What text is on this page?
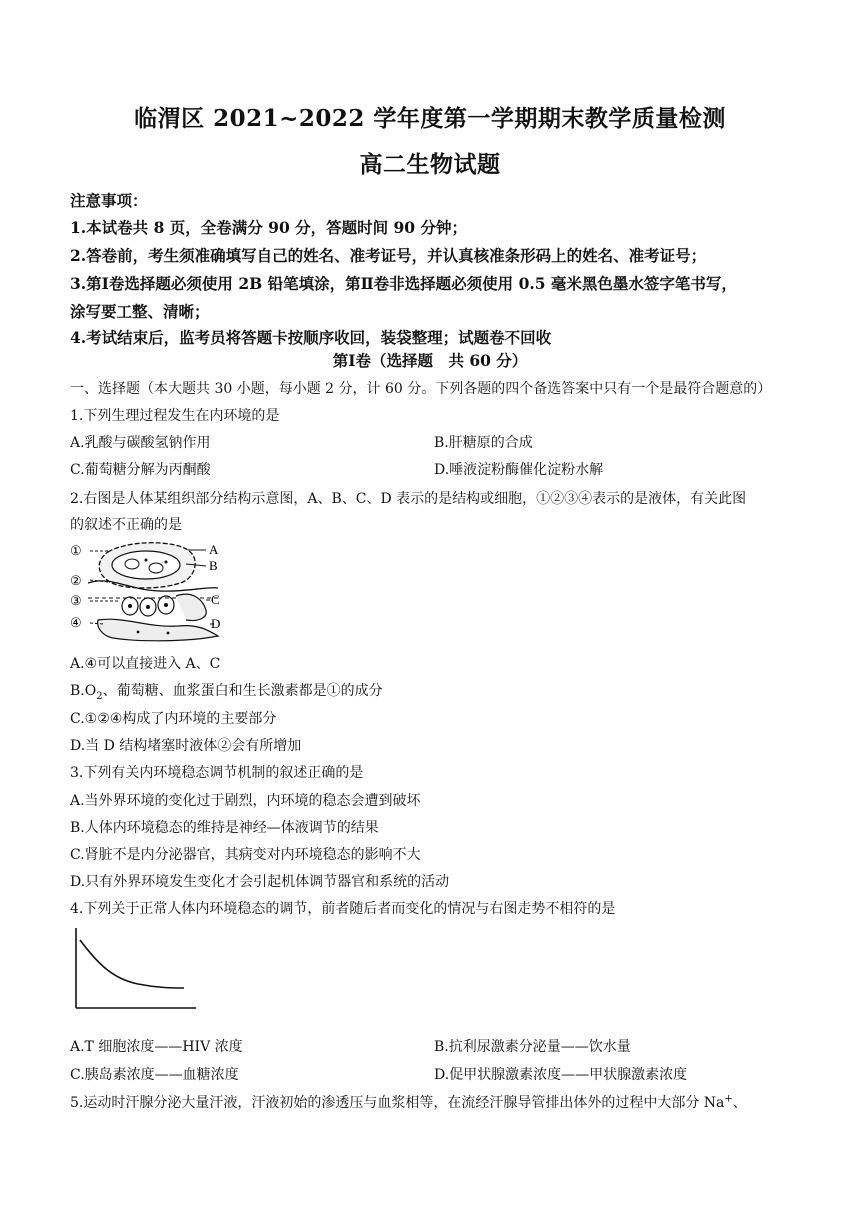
临渭区 2021~2022 学年度第一学期期末教学质量检测
高二生物试题
注意事项：
1.本试卷共 8 页，全卷满分 90 分，答题时间 90 分钟；
2.答卷前，考生须准确填写自己的姓名、准考证号，并认真核准条形码上的姓名、准考证号；
3.第Ⅰ卷选择题必须使用 2B 铅笔填涂，第Ⅱ卷非选择题必须使用 0.5 毫米黑色墨水签字笔书写，
涂写要工整、清晰；
4.考试结束后，监考员将答题卡按顺序收回，装袋整理；试题卷不回收
第Ⅰ卷（选择题　共 60 分）
一、选择题（本大题共 30 小题，每小题 2 分，计 60 分。下列各题的四个备选答案中只有一个是最符合题意的）
1.下列生理过程发生在内环境的是
A.乳酸与碳酸氢钠作用	B.肝糖原的合成
C.葡萄糖分解为丙酮酸	D.唾液淀粉酶催化淀粉水解
2.右图是人体某组织部分结构示意图，A、B、C、D 表示的是结构或细胞，①②③④表示的是液体，有关此图
的叙述不正确的是
①
②
③
④
A
B
C
D
A.④可以直接进入 A、C
$B.O_2$、葡萄糖、血浆蛋白和生长激素都是①的成分
C.①②④构成了内环境的主要部分
D.当 D 结构堵塞时液体②会有所增加
3.下列有关内环境稳态调节机制的叙述正确的是
A.当外界环境的变化过于剧烈，内环境的稳态会遭到破坏
B.人体内环境稳态的维持是神经—体液调节的结果
C.肾脏不是内分泌器官，其病变对内环境稳态的影响不大
D.只有外界环境发生变化才会引起机体调节器官和系统的活动
4.下列关于正常人体内环境稳态的调节，前者随后者而变化的情况与右图走势不相符的是
A.T 细胞浓度——HIV 浓度	B.抗利尿激素分泌量——饮水量
C.胰岛素浓度——血糖浓度	D.促甲状腺激素浓度——甲状腺激素浓度
5.运动时汗腺分泌大量汗液，汗液初始的渗透压与血浆相等，在流经汗腺导管排出体外的过程中大部分 Na+、
